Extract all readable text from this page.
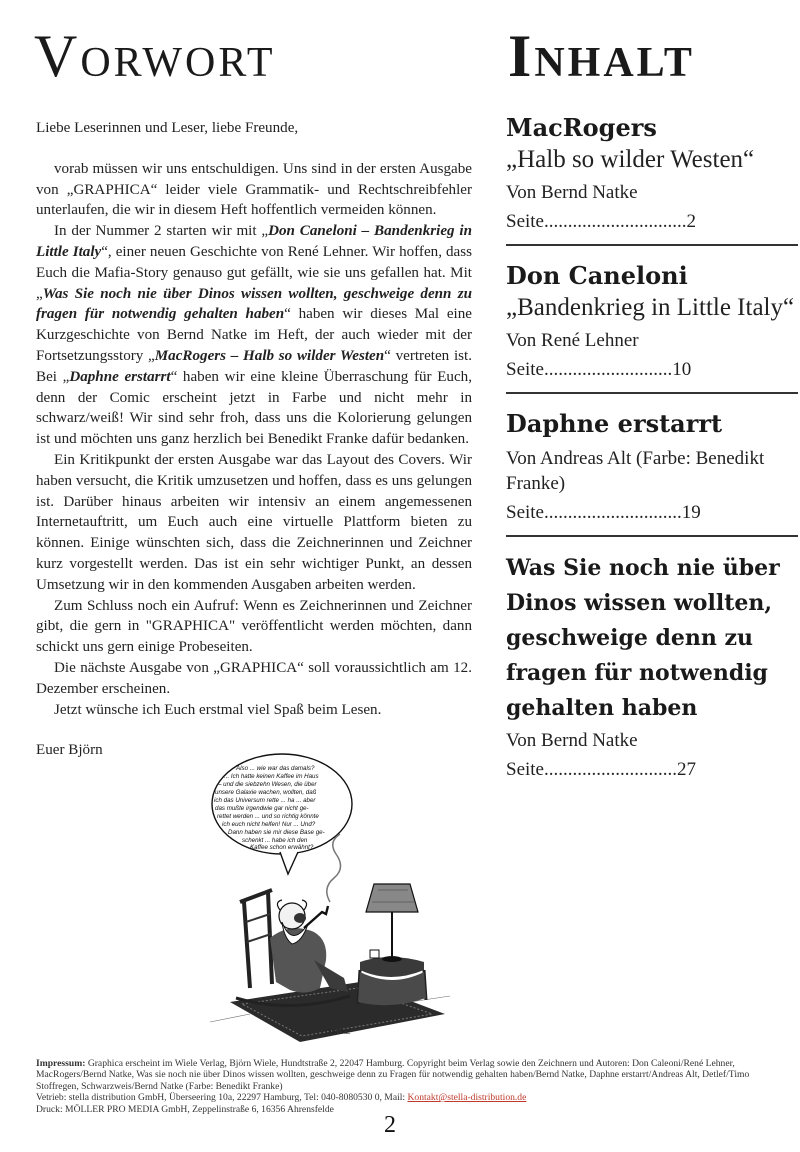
Vorwort

Liebe Leserinnen und Leser, liebe Freunde,

vorab müssen wir uns entschuldigen. Uns sind in der ersten Ausgabe von „GRAPHICA“ leider viele Grammatik- und Rechtschreibfehler unterlaufen, die wir in diesem Heft hoffentlich vermeiden können.

In der Nummer 2 starten wir mit „Don Caneloni – Bandenkrieg in Little Italy“, einer neuen Geschichte von René Lehner. Wir hoffen, dass Euch die Mafia-Story genauso gut gefällt, wie sie uns gefallen hat. Mit „Was Sie noch nie über Dinos wissen wollten, geschweige denn zu fragen für notwendig gehalten haben“ haben wir dieses Mal eine Kurzgeschichte von Bernd Natke im Heft, der auch wieder mit der Fortsetzungsstory „MacRogers – Halb so wilder Westen“ vertreten ist. Bei „Daphne erstarrt“ haben wir eine kleine Überraschung für Euch, denn der Comic erscheint jetzt in Farbe und nicht mehr in schwarz/weiß! Wir sind sehr froh, dass uns die Kolorierung gelungen ist und möchten uns ganz herzlich bei Benedikt Franke dafür bedanken.

Ein Kritikpunkt der ersten Ausgabe war das Layout des Covers. Wir haben versucht, die Kritik umzusetzen und hoffen, dass es uns gelungen ist. Darüber hinaus arbeiten wir intensiv an einem angemessenen Internetauftritt, um Euch auch eine virtuelle Plattform bieten zu können. Einige wünschten sich, dass die Zeichnerinnen und Zeichner kurz vorgestellt werden. Das ist ein sehr wichtiger Punkt, an dessen Umsetzung wir in den kommenden Ausgaben arbeiten werden.

Zum Schluss noch ein Aufruf: Wenn es Zeichnerinnen und Zeichner gibt, die gern in "GRAPHICA" veröffentlicht werden möchten, dann schickt uns gern einige Probeseiten.

Die nächste Ausgabe von „GRAPHICA“ soll voraussichtlich am 12. Dezember erscheinen.

Jetzt wünsche ich Euch erstmal viel Spaß beim Lesen.

Euer Björn

Also ... wie war das damals? ... Ich hatte keinen Kaffee im Haus – und die siebzehn Wesen, die über unsere Galaxie wachen, wollten, daß ich das Universum rette ... ha ... aber das mußte irgendwie gar nicht ge- rettet werden ... und so richtig könnte ich euch nicht helfen! Nur ... Und? Dann haben sie mir diese Base ge- schenkt ... habe ich den Kaffee schon erwähnt?
NATKE
Inhalt
MacRogers
„Halb so wilder Westen“
Von Bernd Natke
Seite..............................2
Don Caneloni
„Bandenkrieg in Little Italy“
Von René Lehner
Seite...........................10
Daphne erstarrt
Von Andreas Alt (Farbe: Benedikt Franke)
Seite.............................19
Was Sie noch nie über Dinos wissen wollten, geschweige denn zu fragen für notwendig gehalten haben
Von Bernd Natke
Seite............................27

Impressum: Graphica erscheint im Wiele Verlag, Björn Wiele, Hundtstraße 2, 22047 Hamburg. Copyright beim Verlag sowie den Zeichnern und Autoren: Don Caleoni/René Lehner, MacRogers/Bernd Natke, Was sie noch nie über Dinos wissen wollten, geschweige denn zu Fragen für notwendig gehalten haben/Bernd Natke, Daphne erstarrt/Andreas Alt, Detlef/Timo Stoffregen, Schwarzweis/Bernd Natke (Farbe: Benedikt Franke)

Vetrieb: stella distribution GmbH, Überseering 10a, 22297 Hamburg, Tel: 040-8080530 0, Mail: Kontakt@stella-distribution.de

Druck: MÖLLER PRO MEDIA GmbH, Zeppelinstraße 6, 16356 Ahrensfelde

2
